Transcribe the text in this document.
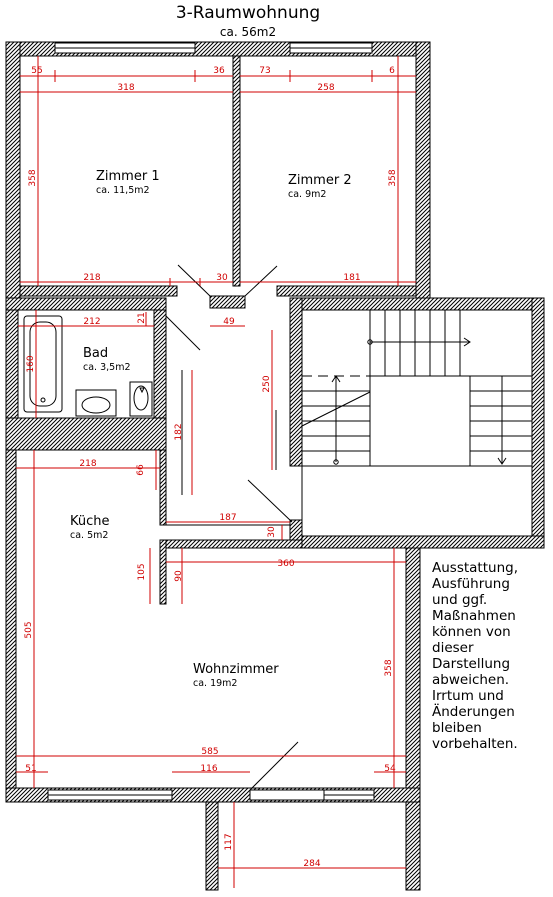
3-Raumwohnung
ca. 56m2
55	36	73	6
318	258
358	358
218	30	181
212	21	49
160
182
250
218
66
187
30
105	90
360
505
358
585
51	116	54
117
284
Zimmer 1
ca. 11,5m2
Zimmer 2
ca. 9m2
Bad
ca. 3,5m2
Küche
ca. 5m2
Wohnzimmer
ca. 19m2
Ausstattung,
Ausführung
und ggf.
Maßnahmen
können von
dieser
Darstellung
abweichen.
Irrtum und
Änderungen
bleiben
vorbehalten.
